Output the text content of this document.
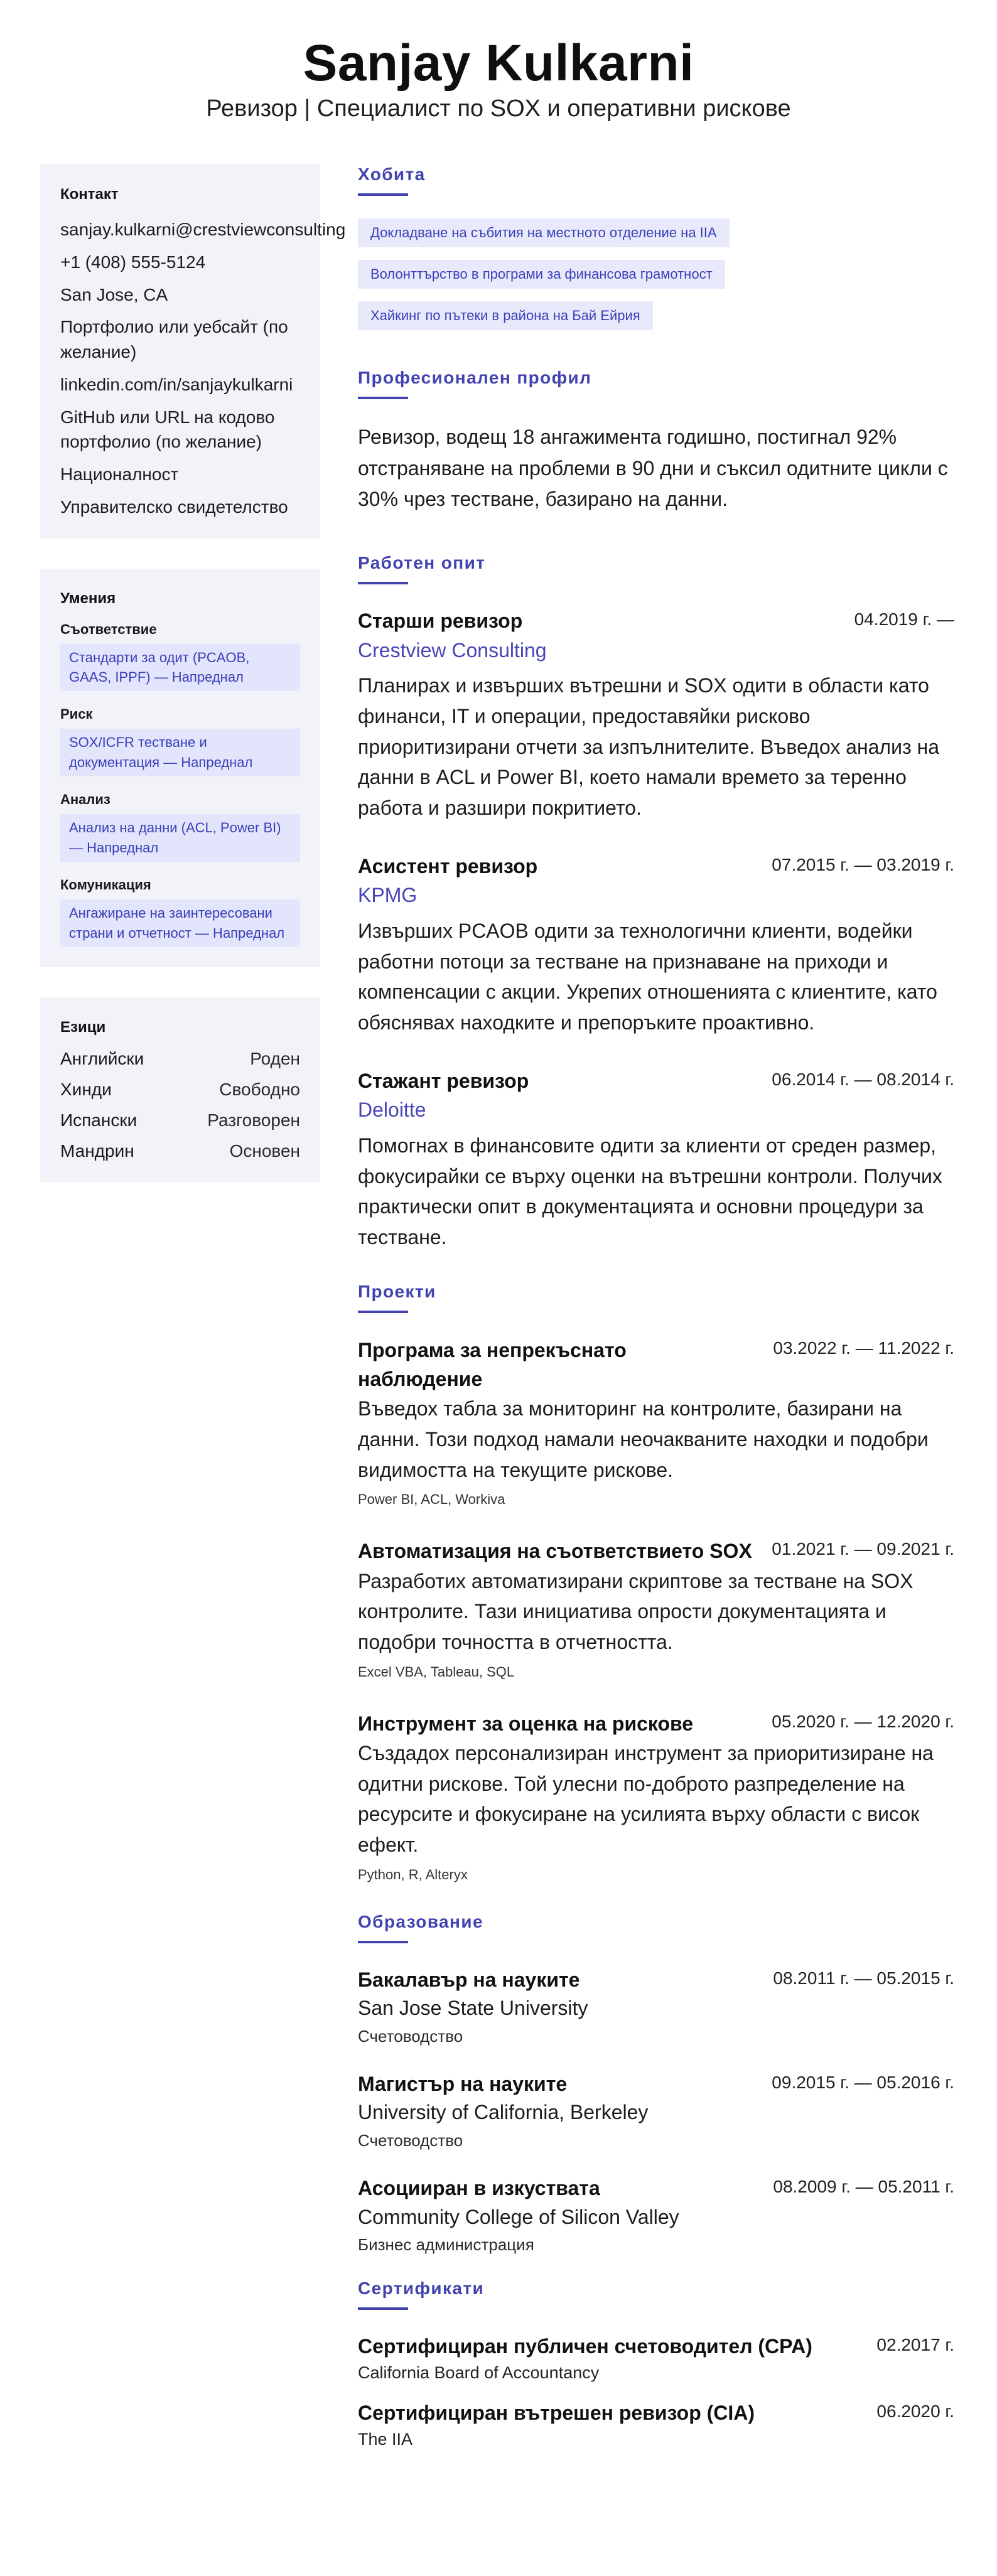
Sanjay Kulkarni
Ревизор | Специалист по SOX и оперативни рискове
Контакт
sanjay.kulkarni@crestviewconsulting
+1 (408) 555-5124
San Jose, CA
Портфолио или уебсайт (по желание)
linkedin.com/in/sanjaykulkarni
GitHub или URL на кодово портфолио (по желание)
Националност
Управителско свидетелство
Умения
Съответствие
Стандарти за одит (PCAOB, GAAS, IPPF) — Напреднал
Риск
SOX/ICFR тестване и документация — Напреднал
Анализ
Анализ на данни (ACL, Power BI) — Напреднал
Комуникация
Ангажиране на заинтересовани страни и отчетност — Напреднал
Езици
Английски	Роден
Хинди	Свободно
Испански	Разговорен
Мандрин	Основен
Хобита
Докладване на събития на местното отделение на IIA
Волонттърство в програми за финансова грамотност
Хайкинг по пътеки в района на Бай Ейрия
Професионален профил
Ревизор, водещ 18 ангажимента годишно, постигнал 92% отстраняване на проблеми в 90 дни и съксил одитните цикли с 30% чрез тестване, базирано на данни.
Работен опит
Старши ревизор	04.2019 г. —
Crestview Consulting
Планирах и извърших вътрешни и SOX одити в области като финанси, IT и операции, предоставяйки рисково приоритизирани отчети за изпълнителите. Въведох анализ на данни в ACL и Power BI, което намали времето за теренно работа и разшири покритието.
Асистент ревизор	07.2015 г. — 03.2019 г.
KPMG
Извърших PCAOB одити за технологични клиенти, водейки работни потоци за тестване на признаване на приходи и компенсации с акции. Укрепих отношенията с клиентите, като обяснявах находките и препоръките проактивно.
Стажант ревизор	06.2014 г. — 08.2014 г.
Deloitte
Помогнах в финансовите одити за клиенти от среден размер, фокусирайки се върху оценки на вътрешни контроли. Получих практически опит в документацията и основни процедури за тестване.
Проекти
Програма за непрекъснато наблюдение
03.2022 г. — 11.2022 г.
Въведох табла за мониторинг на контролите, базирани на данни. Този подход намали неочакваните находки и подобри видимостта на текущите рискове.
Power BI, ACL, Workiva
Автоматизация на съответствието SOX 01.2021 г. — 09.2021 г.
Разработих автоматизирани скриптове за тестване на SOX контролите. Тази инициатива опрости документацията и подобри точността в отчетността.
Excel VBA, Tableau, SQL
Инструмент за оценка на рискове	05.2020 г. — 12.2020 г.
Създадох персонализиран инструмент за приоритизиране на одитни рискове. Той улесни по-доброто разпределение на ресурсите и фокусиране на усилията върху области с висок ефект.
Python, R, Alteryx
Образование
Бакалавър на науките	08.2011 г. — 05.2015 г.
San Jose State University
Счетоводство
Магистър на науките	09.2015 г. — 05.2016 г.
University of California, Berkeley
Счетоводство
Асоцииран в изкуствата	08.2009 г. — 05.2011 г.
Community College of Silicon Valley
Бизнес администрация
Сертификати
Сертифициран публичен счетоводител (CPA)	02.2017 г.
California Board of Accountancy
Сертифициран вътрешен ревизор (CIA)	06.2020 г.
The IIA
